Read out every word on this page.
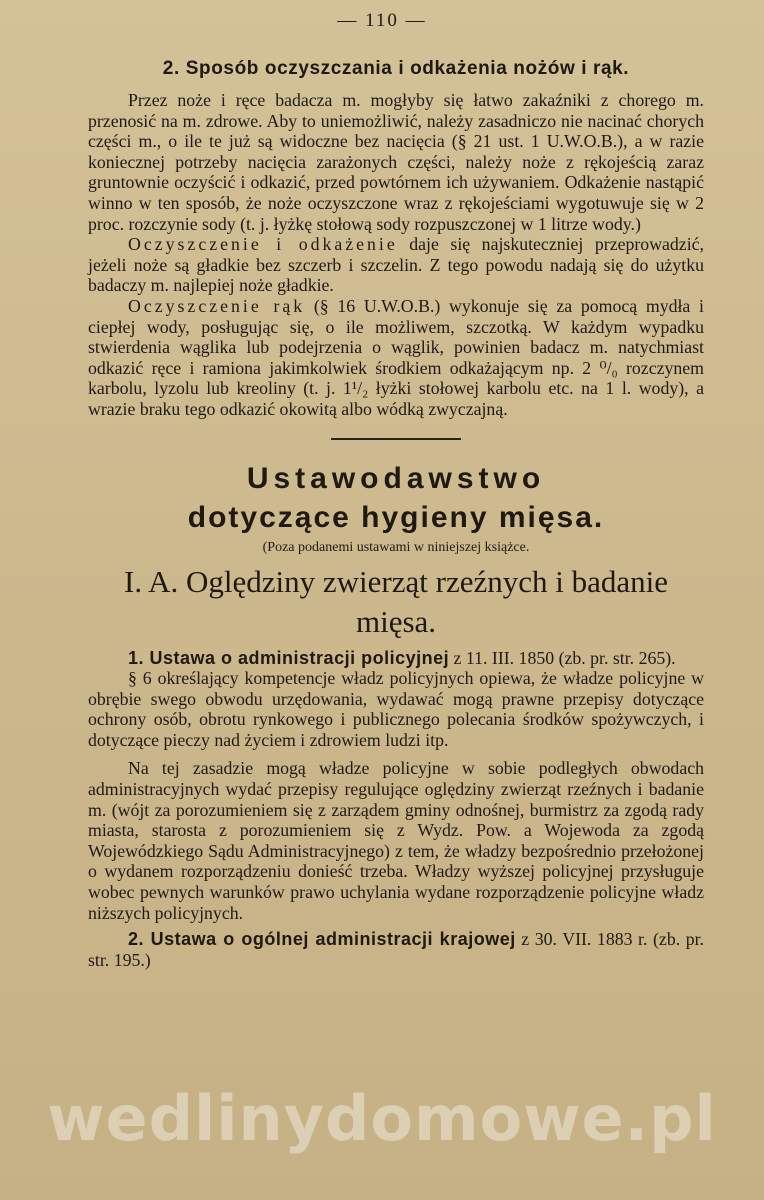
— 110 —
2. Sposób oczyszczania i odkażenia nożów i rąk.

Przez noże i ręce badacza m. mogłyby się łatwo zakaźniki z chorego m. przenosić na m. zdrowe. Aby to uniemożliwić, należy zasadniczo nie nacinać chorych części m., o ile te już są widoczne bez nacięcia (§ 21 ust. 1 U.W.O.B.), a w razie koniecznej potrzeby nacięcia zarażonych części, należy noże z rękojeścią zaraz gruntownie oczyścić i odkazić, przed powtórnem ich używaniem. Odkażenie nastąpić winno w ten sposób, że noże oczyszczone wraz z rękojeściami wygotuwuje się w 2 proc. rozczynie sody (t. j. łyżkę stołową sody rozpuszczonej w 1 litrze wody.)

Oczyszczenie i odkażenie daje się najskuteczniej przeprowadzić, jeżeli noże są gładkie bez szczerb i szczelin. Z tego powodu nadają się do użytku badaczy m. najlepiej noże gładkie.

Oczyszczenie rąk (§ 16 U.W.O.B.) wykonuje się za pomocą mydła i ciepłej wody, posługując się, o ile możliwem, szczotką. W każdym wypadku stwierdenia wąglika lub podejrzenia o wąglik, powinien badacz m. natychmiast odkazić ręce i ramiona jakimkolwiek środkiem odkażającym np. 2 ⁰/₀ rozczynem karbolu, lyzolu lub kreoliny (t. j. 1¹/₂ łyżki stołowej karbolu etc. na 1 l. wody), a wrazie braku tego odkazić okowitą albo wódką zwyczajną.

Ustawodawstwo
dotyczące hygieny mięsa.
(Poza podanemi ustawami w niniejszej książce.
I. A. Oględziny zwierząt rzeźnych i badanie mięsa.

1. Ustawa o administracji policyjnej z 11. III. 1850 (zb. pr. str. 265).

§ 6 określający kompetencje władz policyjnych opiewa, że władze policyjne w obrębie swego obwodu urzędowania, wydawać mogą prawne przepisy dotyczące ochrony osób, obrotu rynkowego i publicznego polecania środków spożywczych, i dotyczące pieczy nad życiem i zdrowiem ludzi itp.

Na tej zasadzie mogą władze policyjne w sobie podległych obwodach administracyjnych wydać przepisy regulujące oględziny zwierząt rzeźnych i badanie m. (wójt za porozumieniem się z zarządem gminy odnośnej, burmistrz za zgodą rady miasta, starosta z porozumieniem się z Wydz. Pow. a Wojewoda za zgodą Wojewódzkiego Sądu Administracyjnego) z tem, że władzy bezpośrednio przełożonej o wydanem rozporządzeniu donieść trzeba. Władzy wyższej policyjnej przysługuje wobec pewnych warunków prawo uchylania wydane rozporządzenie policyjne władz niższych policyjnych.

2. Ustawa o ogólnej administracji krajowej z 30. VII. 1883 r. (zb. pr. str. 195.)

wedlinydomowe.pl
